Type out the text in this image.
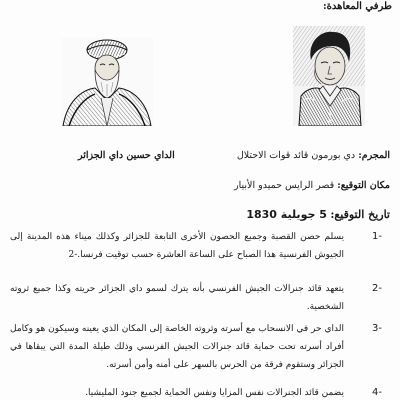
طرفي المعاهدة:
الداي حسين داي الجزائر	المجرم: دي بورمون قائد قوات الاحتلال
مكان التوقيع: قصر الرايس حميدو الأبيار
تاريخ التوقيع: 5 جويلية 1830
1-
يسلم حصن القصبة وجميع الحصون الأخرى التابعة للجزائر وكذلك ميناء هذه المدينة إلى الجيوش الفرنسية هذا الصباح على الساعة العاشرة حسب توقيت فرنسا.-2
2-
يتعهد قائد جنرالات الجيش الفرنسي بأنه يترك لسمو داي الجزائر حريته وكذا جميع ثروته الشخصية.
3-
الداي حر في الانسحاب مع أسرته وثروته الخاصة إلى المكان الذي يعينه وسيكون هو وكامل أفراد أسرته تحت حماية قائد جنرالات الجيش الفرنسي وذلك طيلة المدة التي يبقاها في الجزائر وستقوم فرقة من الحرس بالسهر على أمنه وأمن أسرته.
4-
يضمن قائد الجنرالات نفس المزايا ونفس الحماية لجميع جنود المليشيا.
